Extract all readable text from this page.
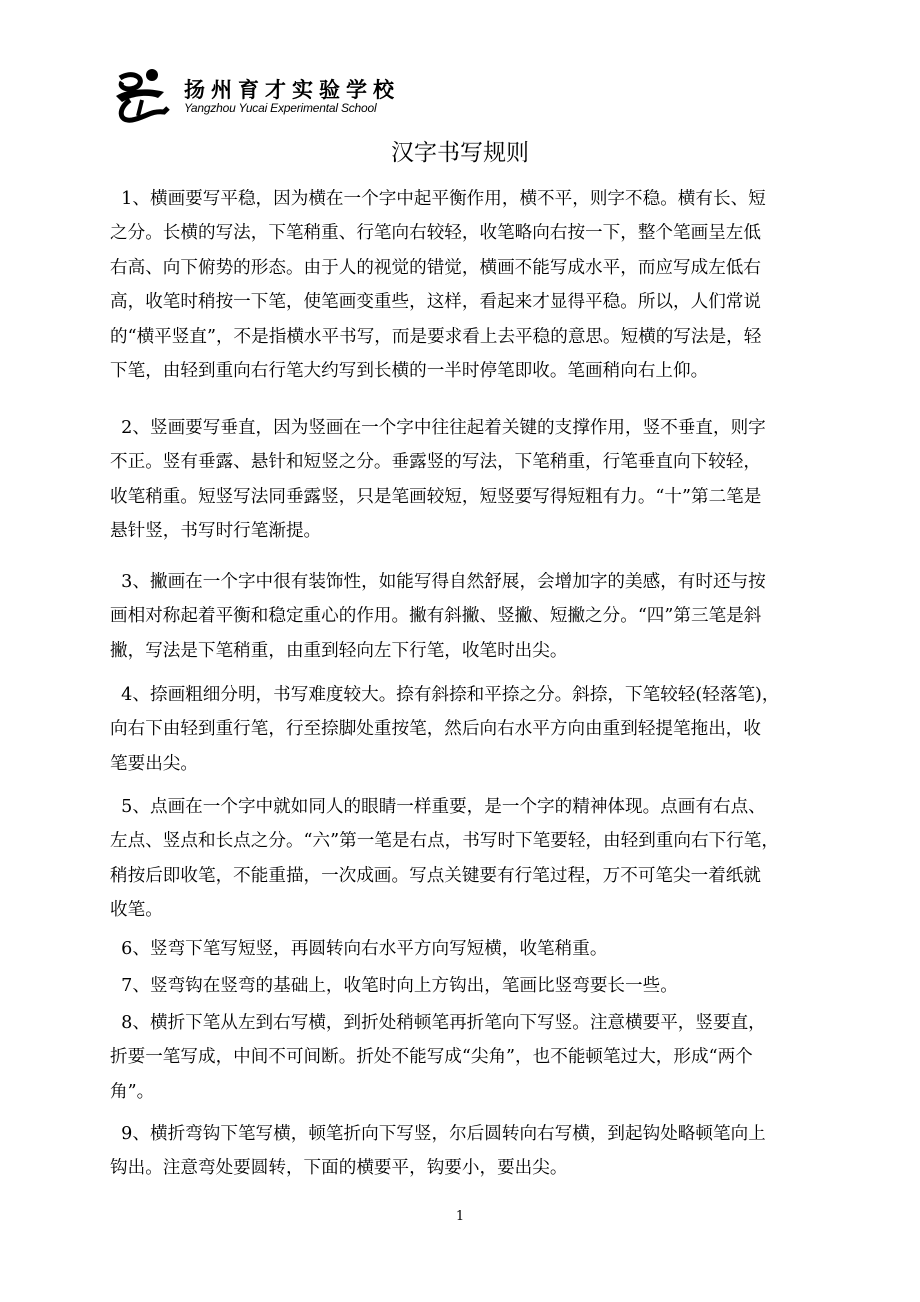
扬州育才实验学校
Yangzhou Yucai Experimental School
汉字书写规则
1、横画要写平稳，因为横在一个字中起平衡作用，横不平，则字不稳。横有长、短
之分。长横的写法，下笔稍重、行笔向右较轻，收笔略向右按一下，整个笔画呈左低
右高、向下俯势的形态。由于人的视觉的错觉，横画不能写成水平，而应写成左低右
高，收笔时稍按一下笔，使笔画变重些，这样，看起来才显得平稳。所以，人们常说
的“横平竖直”，不是指横水平书写，而是要求看上去平稳的意思。短横的写法是，轻
下笔，由轻到重向右行笔大约写到长横的一半时停笔即收。笔画稍向右上仰。
2、竖画要写垂直，因为竖画在一个字中往往起着关键的支撑作用，竖不垂直，则字
不正。竖有垂露、悬针和短竖之分。垂露竖的写法，下笔稍重，行笔垂直向下较轻，
收笔稍重。短竖写法同垂露竖，只是笔画较短，短竖要写得短粗有力。“十”第二笔是
悬针竖，书写时行笔渐提。
3、撇画在一个字中很有装饰性，如能写得自然舒展，会增加字的美感，有时还与按
画相对称起着平衡和稳定重心的作用。撇有斜撇、竖撇、短撇之分。“四”第三笔是斜
撇，写法是下笔稍重，由重到轻向左下行笔，收笔时出尖。
4、捺画粗细分明，书写难度较大。捺有斜捺和平捺之分。斜捺，下笔较轻(轻落笔)，
向右下由轻到重行笔，行至捺脚处重按笔，然后向右水平方向由重到轻提笔拖出，收
笔要出尖。
5、点画在一个字中就如同人的眼睛一样重要，是一个字的精神体现。点画有右点、
左点、竖点和长点之分。“六”第一笔是右点，书写时下笔要轻，由轻到重向右下行笔，
稍按后即收笔，不能重描，一次成画。写点关键要有行笔过程，万不可笔尖一着纸就
收笔。
6、竖弯下笔写短竖，再圆转向右水平方向写短横，收笔稍重。
7、竖弯钩在竖弯的基础上，收笔时向上方钩出，笔画比竖弯要长一些。
8、横折下笔从左到右写横，到折处稍顿笔再折笔向下写竖。注意横要平，竖要直，
折要一笔写成，中间不可间断。折处不能写成“尖角”，也不能顿笔过大，形成“两个
角”。
9、横折弯钩下笔写横，顿笔折向下写竖，尔后圆转向右写横，到起钩处略顿笔向上
钩出。注意弯处要圆转，下面的横要平，钩要小，要出尖。
1
